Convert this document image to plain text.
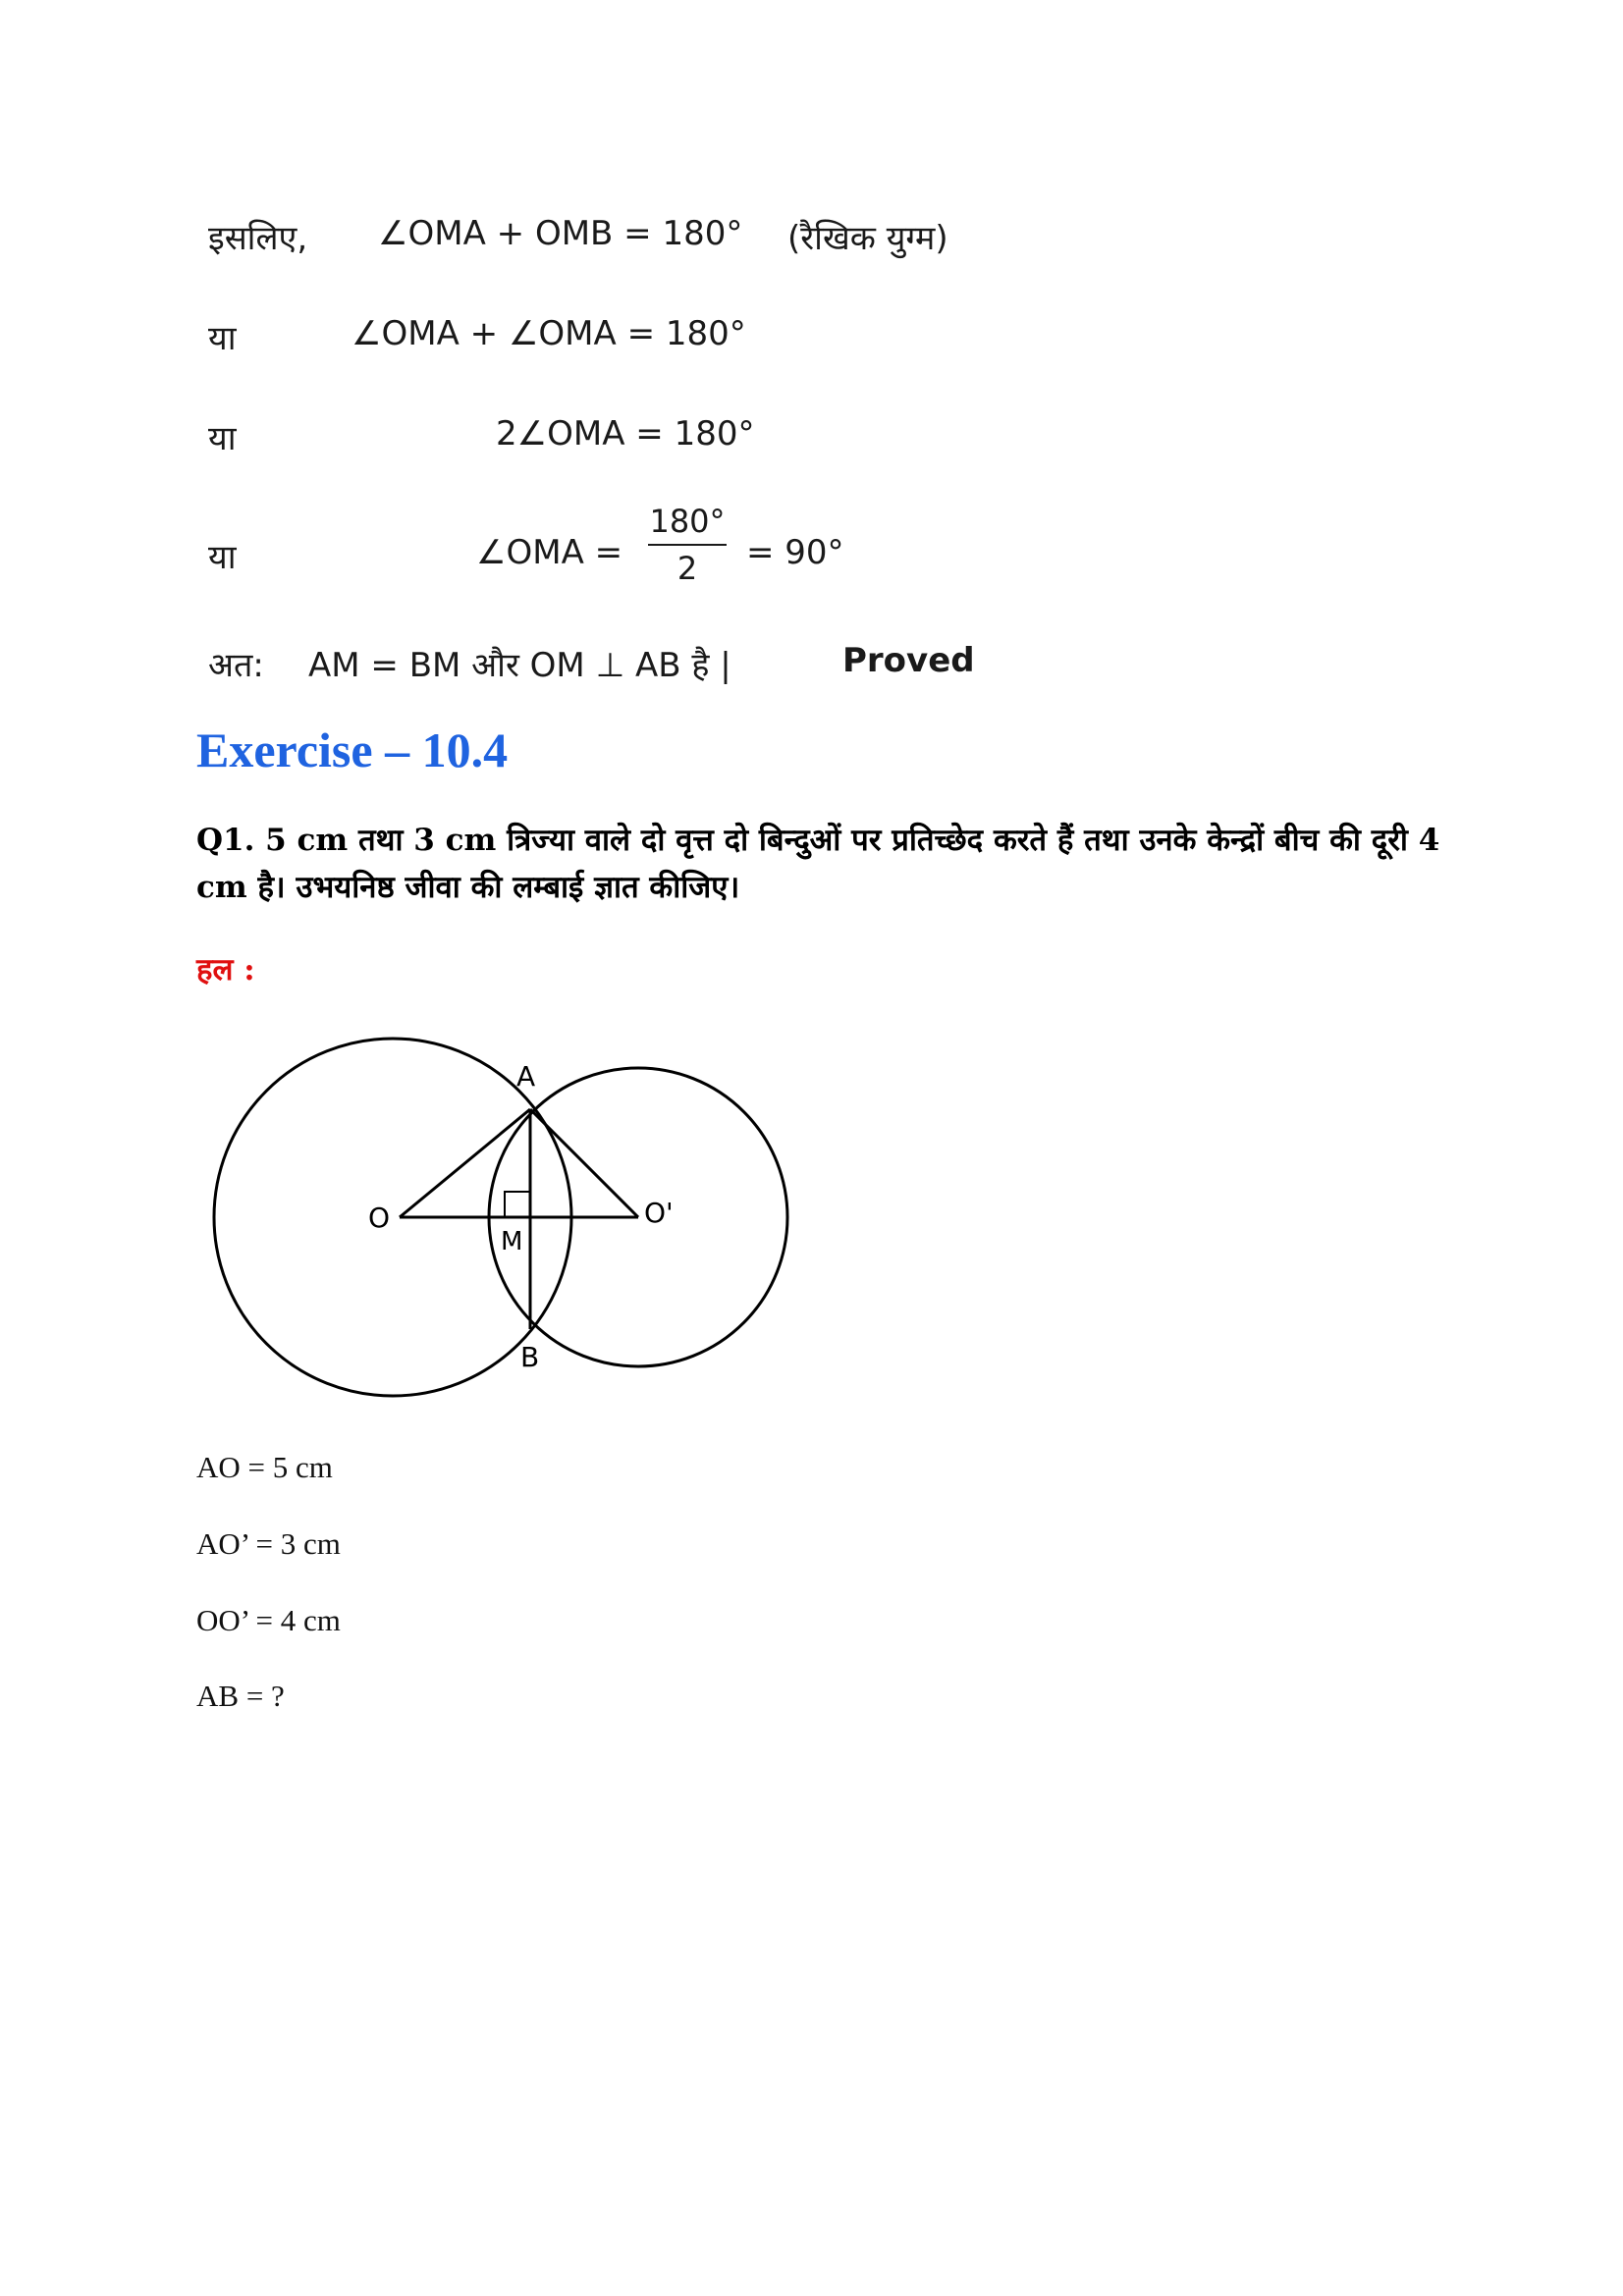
इसलिए, ∠OMA + OMB = 180° (रैखिक युग्म)
या	∠OMA + ∠OMA = 180°
या	2∠OMA = 180°
या	∠OMA =
180°
2	= 90°
अत: AM = BM और OM ⊥ AB है |	Proved
Exercise – 10.4
Q1. 5 cm तथा 3 cm त्रिज्या वाले दो वृत्त दो बिन्दुओं पर प्रतिच्छेद करते हैं तथा उनके केन्द्रों बीच की दूरी 4 cm है। उभयनिष्ठ जीवा की लम्बाई ज्ञात कीजिए।
हल :
A
B
O	O'
M
AO = 5 cm
AO’ = 3 cm
OO’ = 4 cm
AB = ?
